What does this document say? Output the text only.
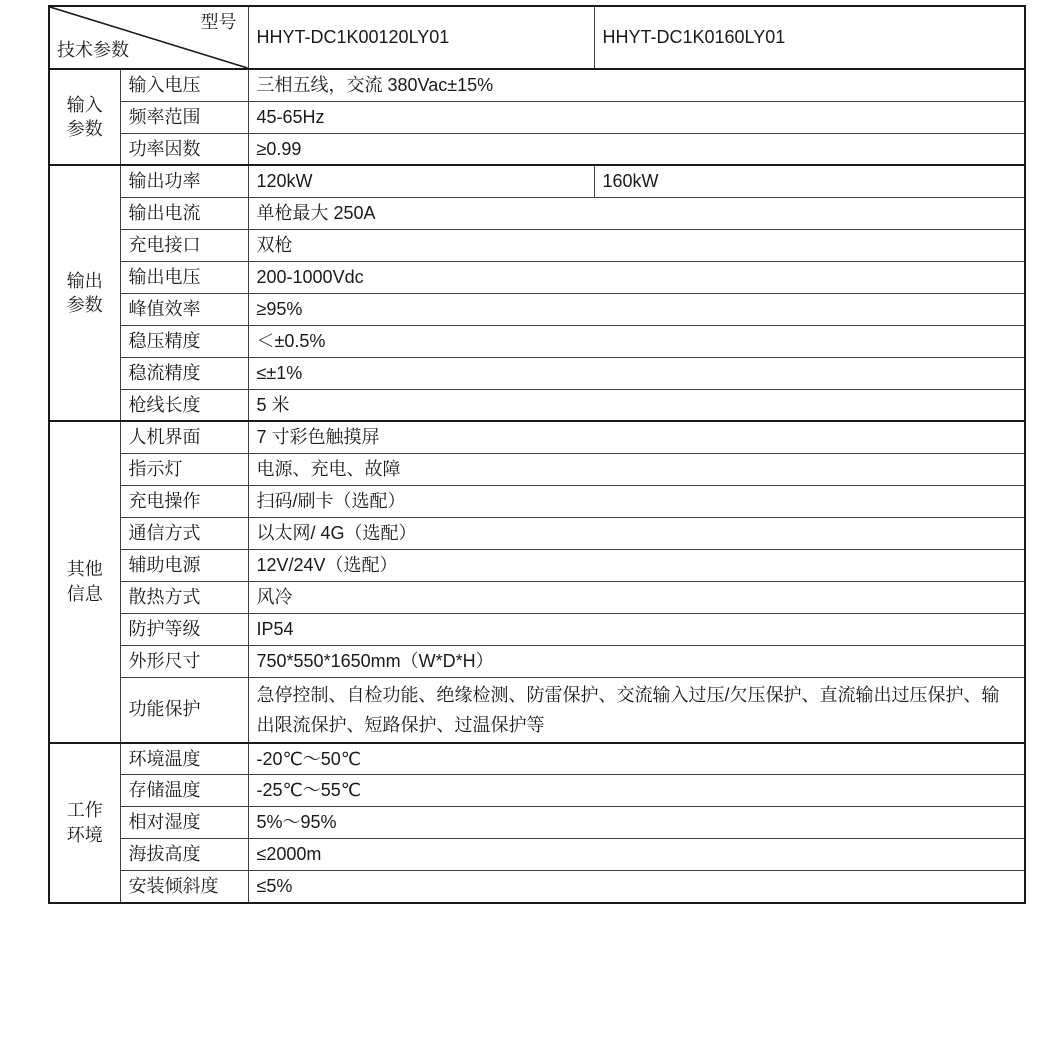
型号
技术参数		HHYT-DC1K00120LY01	HHYT-DC1K0160LY01
输入参数	输入电压	三相五线，交流 380Vac±15%	
	频率范围	45-65Hz	
	功率因数	≥0.99	
输出参数	输出功率	120kW	160kW
	输出电流	单枪最大 250A	
	充电接口	双枪	
	输出电压	200-1000Vdc	
	峰值效率	≥95%	
	稳压精度	＜±0.5%	
	稳流精度	≤±1%	
	枪线长度	5 米	
其他信息	人机界面	7 寸彩色触摸屏	
	指示灯	电源、充电、故障	
	充电操作	扫码/刷卡（选配）	
	通信方式	以太网/ 4G（选配）	
	辅助电源	12V/24V（选配）	
	散热方式	风冷	
	防护等级	IP54	
	外形尺寸	750*550*1650mm（W*D*H）	
	功能保护	急停控制、自检功能、绝缘检测、防雷保护、交流输入过压/欠压保护、直流输出过压保护、输出限流保护、短路保护、过温保护等	
工作环境	环境温度	-20℃～50℃	
	存储温度	-25℃～55℃	
	相对湿度	5%～95%	
	海拔高度	≤2000m	
	安装倾斜度	≤5%	
